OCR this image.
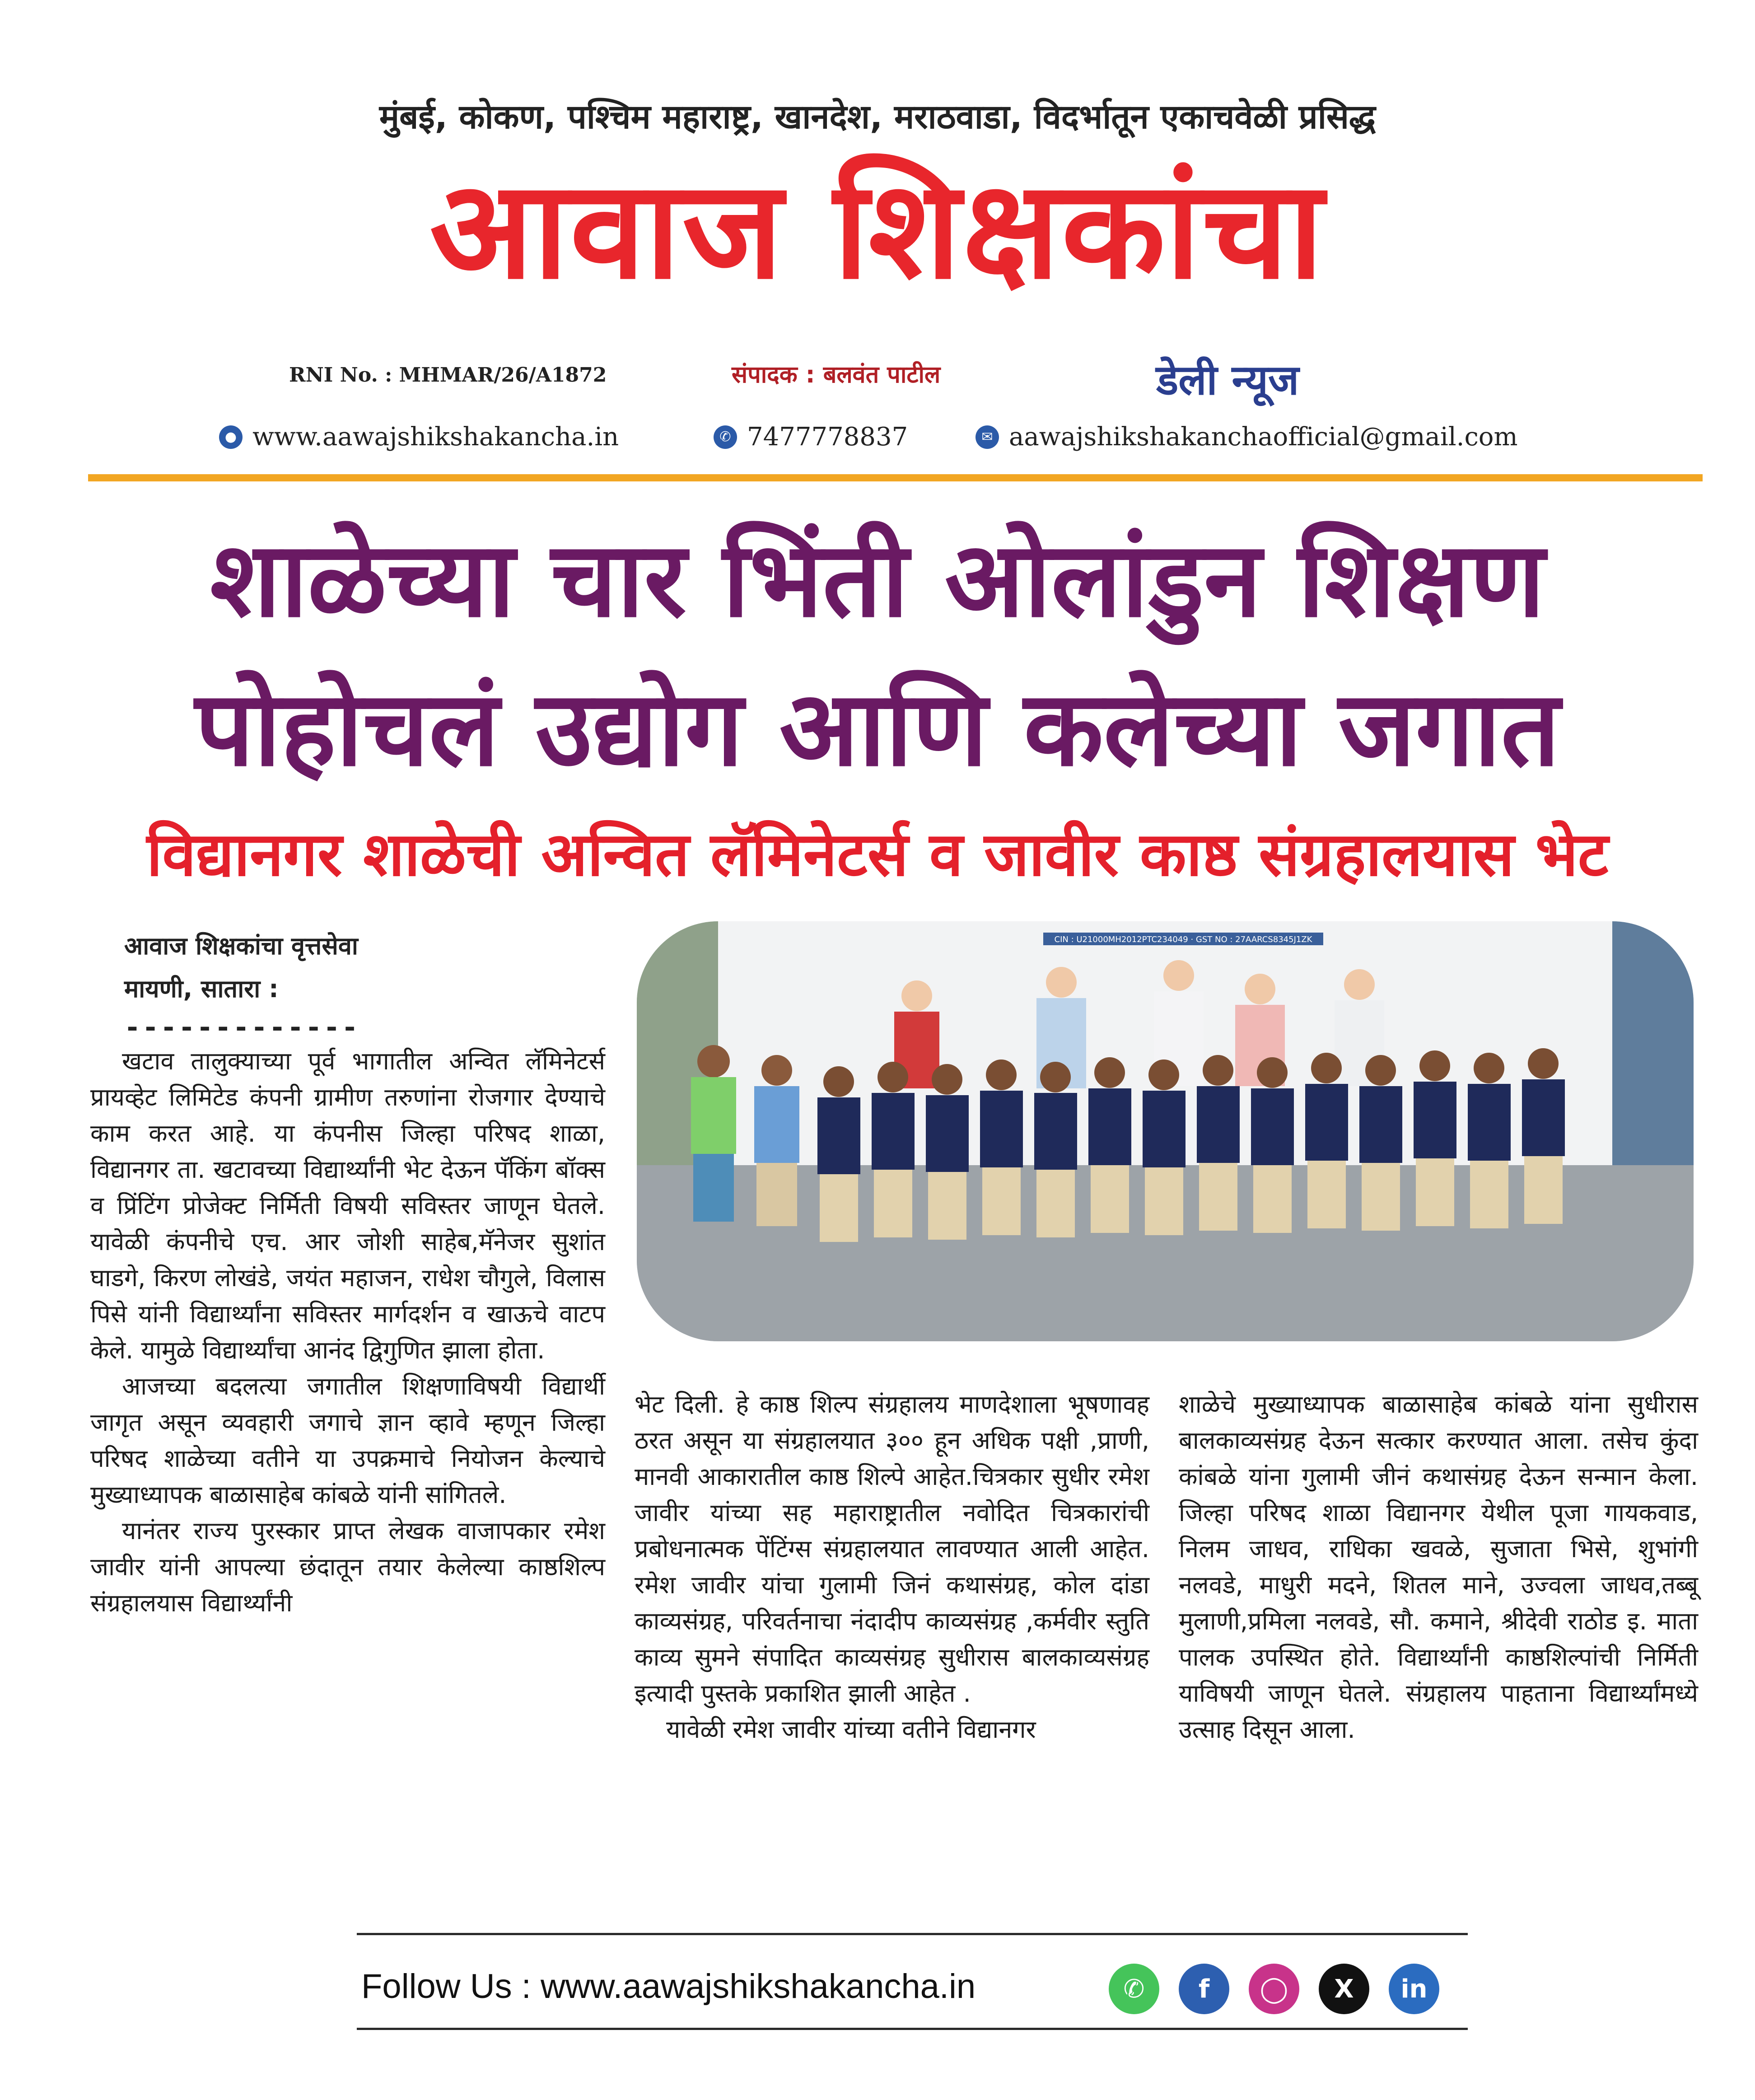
मुंबई, कोकण, पश्चिम महाराष्ट्र, खानदेश, मराठवाडा, विदर्भातून एकाचवेळी प्रसिद्ध
आवाज शिक्षकांचा
RNI No. : MHMAR/26/A1872	संपादक : बलवंत पाटील	डेली न्यूज
● www.aawajshikshakancha.in	✆ 7477778837	✉ aawajshikshakanchaofficial@gmail.com
शाळेच्या चार भिंती ओलांडुन शिक्षण
पोहोचलं उद्योग आणि कलेच्या जगात
विद्यानगर शाळेची अन्वित लॅमिनेटर्स व जावीर काष्ठ संग्रहालयास भेट
आवाज शिक्षकांचा वृत्तसेवा
मायणी, सातारा :
-------------
CIN : U21000MH2012PTC234049 · GST NO : 27AARCS8345J1ZK

खटाव तालुक्याच्या पूर्व भागातील अन्वित लॅमिनेटर्स प्रायव्हेट लिमिटेड कंपनी ग्रामीण तरुणांना रोजगार देण्याचे काम करत आहे. या कंपनीस जिल्हा परिषद शाळा, विद्यानगर ता. खटावच्या विद्यार्थ्यांनी भेट देऊन पॅकिंग बॉक्स व प्रिंटिंग प्रोजेक्ट निर्मिती विषयी सविस्तर जाणून घेतले. यावेळी कंपनीचे एच. आर जोशी साहेब,मॅनेजर सुशांत घाडगे, किरण लोखंडे, जयंत महाजन, राधेश चौगुले, विलास पिसे यांनी विद्यार्थ्यांना सविस्तर मार्गदर्शन व खाऊचे वाटप केले. यामुळे विद्यार्थ्यांचा आनंद द्विगुणित झाला होता.

आजच्या बदलत्या जगातील शिक्षणाविषयी विद्यार्थी जागृत असून व्यवहारी जगाचे ज्ञान व्हावे म्हणून जिल्हा परिषद शाळेच्या वतीने या उपक्रमाचे नियोजन केल्याचे मुख्याध्यापक बाळासाहेब कांबळे यांनी सांगितले.

यानंतर राज्य पुरस्कार प्राप्त लेखक वाजापकार रमेश जावीर यांनी आपल्या छंदातून तयार केलेल्या काष्ठशिल्प संग्रहालयास विद्यार्थ्यांनी

भेट दिली. हे काष्ठ शिल्प संग्रहालय माणदेशाला भूषणावह ठरत असून या संग्रहालयात ३०० हून अधिक पक्षी ,प्राणी, मानवी आकारातील काष्ठ शिल्पे आहेत.चित्रकार सुधीर रमेश जावीर यांच्या सह महाराष्ट्रातील नवोदित चित्रकारांची प्रबोधनात्मक पेंटिंग्स संग्रहालयात लावण्यात आली आहेत. रमेश जावीर यांचा गुलामी जिनं कथासंग्रह, कोल दांडा काव्यसंग्रह, परिवर्तनाचा नंदादीप काव्यसंग्रह ,कर्मवीर स्तुति काव्य सुमने संपादित काव्यसंग्रह सुधीरास बालकाव्यसंग्रह इत्यादी पुस्तके प्रकाशित झाली आहेत .

यावेळी रमेश जावीर यांच्या वतीने विद्यानगर

शाळेचे मुख्याध्यापक बाळासाहेब कांबळे यांना सुधीरास बालकाव्यसंग्रह देऊन सत्कार करण्यात आला. तसेच कुंदा कांबळे यांना गुलामी जीनं कथासंग्रह देऊन सन्मान केला. जिल्हा परिषद शाळा विद्यानगर येथील पूजा गायकवाड, निलम जाधव, राधिका खवळे, सुजाता भिसे, शुभांगी नलवडे, माधुरी मदने, शितल माने, उज्वला जाधव,तब्बू मुलाणी,प्रमिला नलवडे, सौ. कमाने, श्रीदेवी राठोड इ. माता पालक उपस्थित होते. विद्यार्थ्यांनी काष्ठशिल्पांची निर्मिती याविषयी जाणून घेतले. संग्रहालय पाहताना विद्यार्थ्यांमध्ये उत्साह दिसून आला.

Follow Us : www.aawajshikshakancha.in	✆	f	◯	X	in
